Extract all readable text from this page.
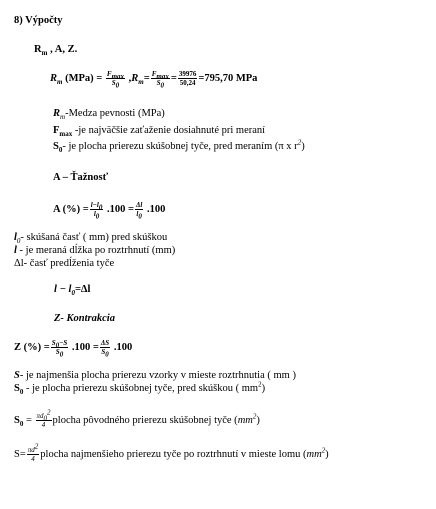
8) Výpočty
$R_m$ , A, Z.
$R_m$ $(MPa) = \frac{F_{max}}{S_0} ,R_m= \frac{F_{max}}{S_0} = \frac{39976}{50,24} =795,70$ MPa
$R_m$-Medza pevnosti (MPa)
$F_{max}$ -je najväčšie zaťaženie dosiahnuté pri meraní
$S_0-$ je plocha prierezu skúšobnej tyče, pred meraním (π x $r^2$)
A – Ťažnosť
A (%) = $\frac{l-l_0}{l_0} .100 = \frac{\Delta l}{l_0} .100$
$l_0-$ skúšaná časť ( mm) pred skúškou
l - je meraná dĺžka po roztrhnutí (mm)
Δl- časť predĺženia tyče
$l - l_0=\Delta l$
Z- Kontrakcia
Z (%) = $\frac{S_0-S}{S_0} .100 = \frac{\Delta S}{S_0} .100$
S- je najmenšia plocha prierezu vzorky v mieste roztrhnutia ( mm )
$S_0$ - je plocha prierezu skúšobnej tyče, pred skúškou ( $mm^2$)
$S_0 = \frac{\pi d_0^2}{4}$ plocha pôvodného prierezu skúšobnej tyče $(mm^2)$
$S= \frac{\pi d^2}{4}$ plocha najmenšieho prierezu tyče po roztrhnutí v mieste lomu $(mm^2)$
